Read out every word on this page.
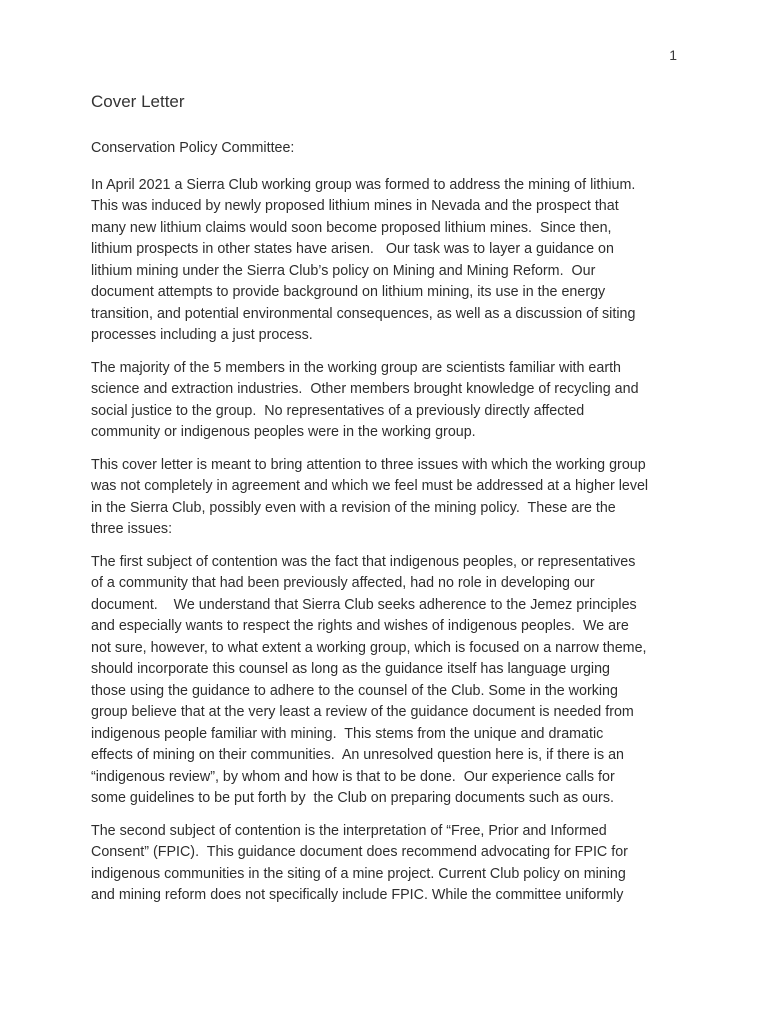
1
Cover Letter

Conservation Policy Committee:

In April 2021 a Sierra Club working group was formed to address the mining of lithium.
This was induced by newly proposed lithium mines in Nevada and the prospect that
many new lithium claims would soon become proposed lithium mines.  Since then,
lithium prospects in other states have arisen.   Our task was to layer a guidance on
lithium mining under the Sierra Club’s policy on Mining and Mining Reform.  Our
document attempts to provide background on lithium mining, its use in the energy
transition, and potential environmental consequences, as well as a discussion of siting
processes including a just process.

The majority of the 5 members in the working group are scientists familiar with earth
science and extraction industries.  Other members brought knowledge of recycling and
social justice to the group.  No representatives of a previously directly affected
community or indigenous peoples were in the working group.

This cover letter is meant to bring attention to three issues with which the working group
was not completely in agreement and which we feel must be addressed at a higher level
in the Sierra Club, possibly even with a revision of the mining policy.  These are the
three issues:

The first subject of contention was the fact that indigenous peoples, or representatives
of a community that had been previously affected, had no role in developing our
document.    We understand that Sierra Club seeks adherence to the Jemez principles
and especially wants to respect the rights and wishes of indigenous peoples.  We are
not sure, however, to what extent a working group, which is focused on a narrow theme,
should incorporate this counsel as long as the guidance itself has language urging
those using the guidance to adhere to the counsel of the Club. Some in the working
group believe that at the very least a review of the guidance document is needed from
indigenous people familiar with mining.  This stems from the unique and dramatic
effects of mining on their communities.  An unresolved question here is, if there is an
“indigenous review”, by whom and how is that to be done.  Our experience calls for
some guidelines to be put forth by  the Club on preparing documents such as ours.

The second subject of contention is the interpretation of “Free, Prior and Informed
Consent” (FPIC).  This guidance document does recommend advocating for FPIC for
indigenous communities in the siting of a mine project. Current Club policy on mining
and mining reform does not specifically include FPIC. While the committee uniformly
